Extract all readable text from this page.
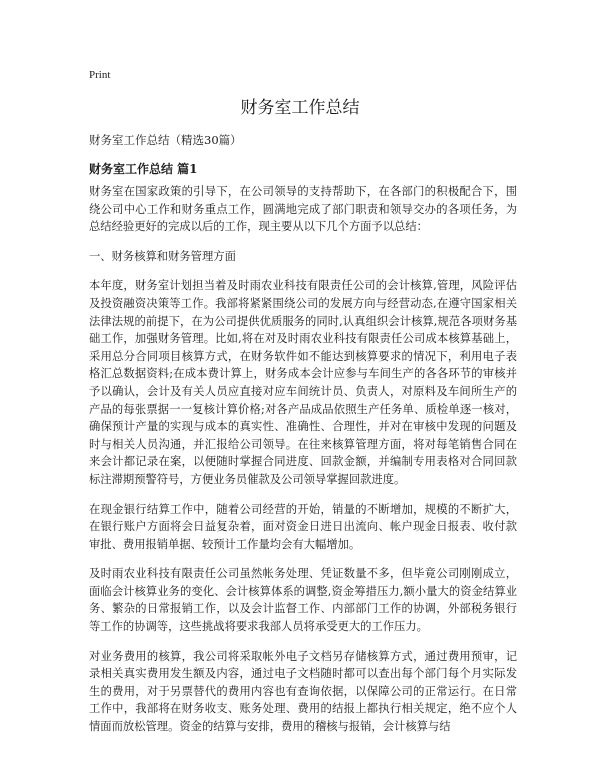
Print
财务室工作总结
财务室工作总结（精选30篇）
财务室工作总结 篇1

财务室在国家政策的引导下，在公司领导的支持帮助下，在各部门的积极配合下，围绕公司中心工作和财务重点工作，圆满地完成了部门职责和领导交办的各项任务，为总结经验更好的完成以后的工作，现主要从以下几个方面予以总结：

一、财务核算和财务管理方面

本年度，财务室计划担当着及时雨农业科技有限责任公司的会计核算,管理，风险评估及投资融资决策等工作。我部将紧紧围绕公司的发展方向与经营动态,在遵守国家相关法律法规的前提下，在为公司提供优质服务的同时,认真组织会计核算,规范各项财务基础工作，加强财务管理。比如,将在对及时雨农业科技有限责任公司成本核算基础上，采用总分合同项目核算方式，在财务软件如不能达到核算要求的情况下，利用电子表格汇总数据资料;在成本费计算上，财务成本会计应参与车间生产的各各环节的审核并予以确认，会计及有关人员应直接对应车间统计员、负责人，对原料及车间所生产的产品的每张票据一一复核计算价格;对各产品成品依照生产任务单、质检单逐一核对，确保预计产量的实现与成本的真实性、准确性、合理性，并对在审核中发现的问题及时与相关人员沟通，并汇报给公司领导。在往来核算管理方面，将对每笔销售合同在来会计都记录在案，以便随时掌握合同进度、回款金额，并编制专用表格对合同回款标注滞期预警符号，方便业务员催款及公司领导掌握回款进度。

在现金银行结算工作中，随着公司经营的开始，销量的不断增加，规模的不断扩大，在银行账户方面将会日益复杂着，面对资金日进日出流向、帐户现金日报表、收付款审批、费用报销单据、较预计工作量均会有大幅增加。

及时雨农业科技有限责任公司虽然帐务处理、凭证数量不多，但毕竟公司刚刚成立，面临会计核算业务的变化、会计核算体系的调整,资金筹措压力,额小量大的资金结算业务、繁杂的日常报销工作，以及会计监督工作、内部部门工作的协调，外部税务银行等工作的协调等，这些挑战将要求我部人员将承受更大的工作压力。

对业务费用的核算，我公司将采取帐外电子文档另存储核算方式，通过费用预审，记录相关真实费用发生额及内容，通过电子文档随时都可以查出每个部门每个月实际发生的费用，对于另票替代的费用内容也有查询依据，以保障公司的正常运行。在日常工作中，我部将在财务收支、账务处理、费用的结报上都执行相关规定，绝不应个人情面而放松管理。资金的结算与安排，费用的稽核与报销，会计核算与结
